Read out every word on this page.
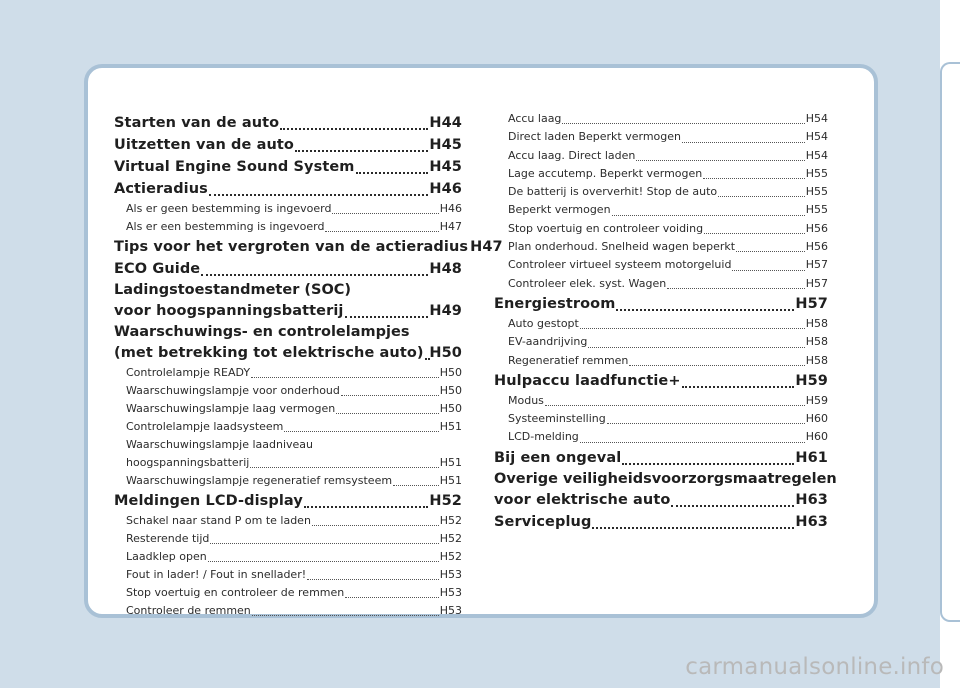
Starten van de auto	H44
Uitzetten van de auto	H45
Virtual Engine Sound System	H45
Actieradius	H46
Als er geen bestemming is ingevoerd	H46
Als er een bestemming is ingevoerd	H47
Tips voor het vergroten van de actieradius H47
ECO Guide	H48
Ladingstoestandmeter (SOC)
voor hoogspanningsbatterij	H49
Waarschuwings- en controlelampjes
(met betrekking tot elektrische auto) H50
Controlelampje READY	H50
Waarschuwingslampje voor onderhoud	H50
Waarschuwingslampje laag vermogen	H50
Controlelampje laadsysteem	H51
Waarschuwingslampje laadniveau
hoogspanningsbatterij	H51
Waarschuwingslampje regeneratief remsysteem	H51
Meldingen LCD-display	H52
Schakel naar stand P om te laden	H52
Resterende tijd	H52
Laadklep open	H52
Fout in lader! / Fout in snellader!	H53
Stop voertuig en controleer de remmen	H53
Controleer de remmen	H53
Accu laag	H54
Direct laden Beperkt vermogen	H54
Accu laag. Direct laden	H54
Lage accutemp. Beperkt vermogen	H55
De batterij is oververhit! Stop de auto	H55
Beperkt vermogen	H55
Stop voertuig en controleer voiding	H56
Plan onderhoud. Snelheid wagen beperkt	H56
Controleer virtueel systeem motorgeluid	H57
Controleer elek. syst. Wagen	H57
Energiestroom	H57
Auto gestopt	H58
EV-aandrijving	H58
Regeneratief remmen	H58
Hulpaccu laadfunctie+	H59
Modus	H59
Systeeminstelling	H60
LCD-melding	H60
Bij een ongeval	H61
Overige veiligheidsvoorzorgsmaatregelen
voor elektrische auto	H63
Serviceplug	H63
carmanualsonline.info
